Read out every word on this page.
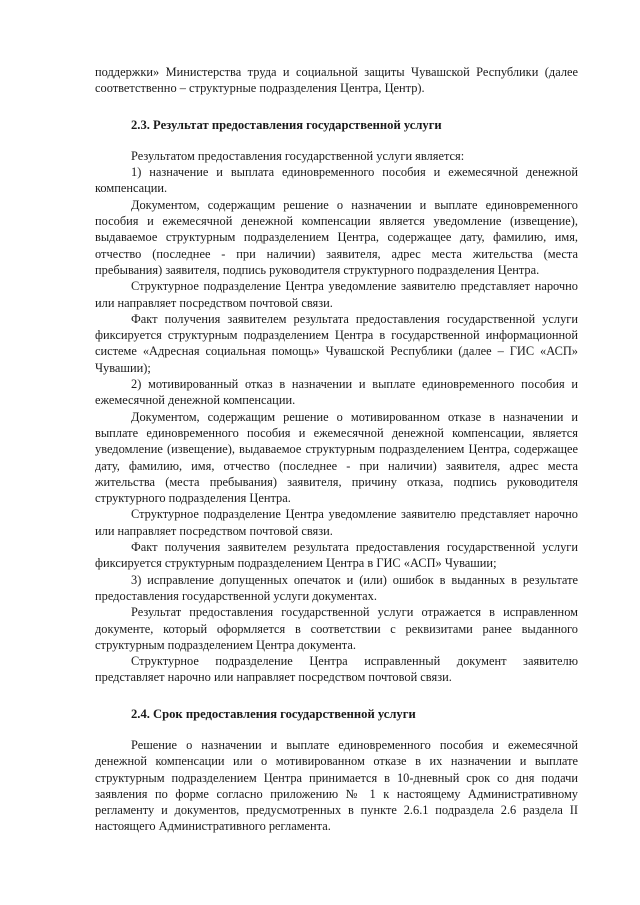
поддержки» Министерства труда и социальной защиты Чувашской Республики (далее соответственно – структурные подразделения Центра, Центр).

2.3. Результат предоставления государственной услуги

Результатом предоставления государственной услуги является:

1) назначение и выплата единовременного пособия и ежемесячной денежной компенсации.

Документом, содержащим решение о назначении и выплате единовременного пособия и ежемесячной денежной компенсации является уведомление (извещение), выдаваемое структурным подразделением Центра, содержащее дату, фамилию, имя, отчество (последнее - при наличии) заявителя, адрес места жительства (места пребывания) заявителя, подпись руководителя структурного подразделения Центра.

Структурное подразделение Центра уведомление заявителю представляет нарочно или направляет посредством почтовой связи.

Факт получения заявителем результата предоставления государственной услуги фиксируется структурным подразделением Центра в государственной информационной системе «Адресная социальная помощь» Чувашской Республики (далее – ГИС «АСП» Чувашии);

2) мотивированный отказ в назначении и выплате единовременного пособия и ежемесячной денежной компенсации.

Документом, содержащим решение о мотивированном отказе в назначении и выплате единовременного пособия и ежемесячной денежной компенсации, является уведомление (извещение), выдаваемое структурным подразделением Центра, содержащее дату, фамилию, имя, отчество (последнее - при наличии) заявителя, адрес места жительства (места пребывания) заявителя, причину отказа, подпись руководителя структурного подразделения Центра.

Структурное подразделение Центра уведомление заявителю представляет нарочно или направляет посредством почтовой связи.

Факт получения заявителем результата предоставления государственной услуги фиксируется структурным подразделением Центра в ГИС «АСП» Чувашии;

3) исправление допущенных опечаток и (или) ошибок в выданных в результате предоставления государственной услуги документах.

Результат предоставления государственной услуги отражается в исправленном документе, который оформляется в соответствии с реквизитами ранее выданного структурным подразделением Центра документа.

Структурное подразделение Центра исправленный документ заявителю представляет нарочно или направляет посредством почтовой связи.

2.4. Срок предоставления государственной услуги

Решение о назначении и выплате единовременного пособия и ежемесячной денежной компенсации или о мотивированном отказе в их назначении и выплате структурным подразделением Центра принимается в 10-дневный срок со дня подачи заявления по форме согласно приложению № 1 к настоящему Административному регламенту и документов, предусмотренных в пункте 2.6.1 подраздела 2.6 раздела II настоящего Административного регламента.
